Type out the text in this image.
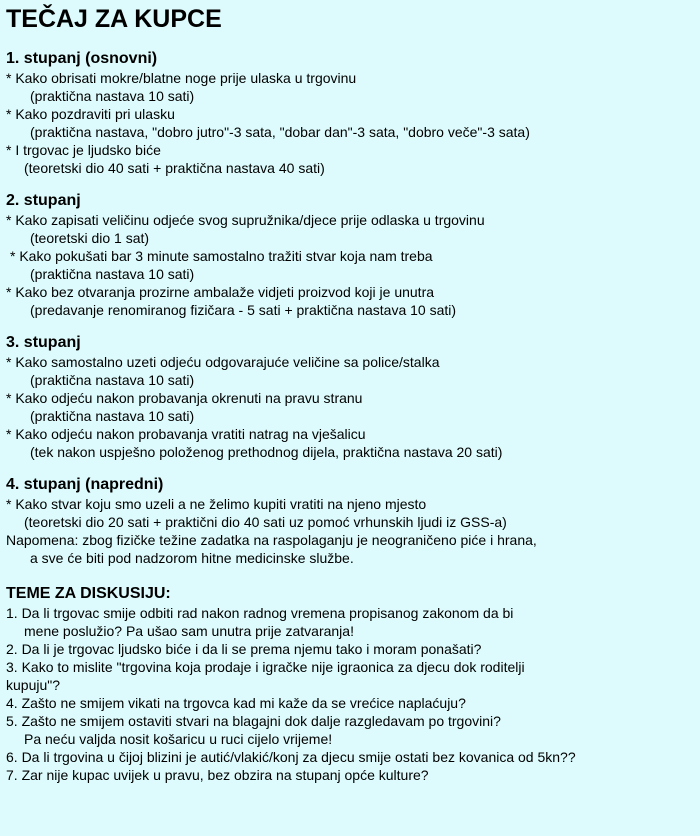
TEČAJ ZA KUPCE
1. stupanj (osnovni)
* Kako obrisati mokre/blatne noge prije ulaska u trgovinu
(praktična nastava 10 sati)
* Kako pozdraviti pri ulasku
(praktična nastava, "dobro jutro"-3 sata, "dobar dan"-3 sata, "dobro veče"-3 sata)
* I trgovac je ljudsko biće
(teoretski dio 40 sati + praktična nastava 40 sati)
2. stupanj
* Kako zapisati veličinu odjeće svog supružnika/djece prije odlaska u trgovinu
(teoretski dio 1 sat)
* Kako pokušati bar 3 minute samostalno tražiti stvar koja nam treba
(praktična nastava 10 sati)
* Kako bez otvaranja prozirne ambalaže vidjeti proizvod koji je unutra
(predavanje renomiranog fizičara - 5 sati + praktična nastava 10 sati)
3. stupanj
* Kako samostalno uzeti odjeću odgovarajuće veličine sa police/stalka
(praktična nastava 10 sati)
* Kako odjeću nakon probavanja okrenuti na pravu stranu
(praktična nastava 10 sati)
* Kako odjeću nakon probavanja vratiti natrag na vješalicu
(tek nakon uspješno položenog prethodnog dijela, praktična nastava 20 sati)
4. stupanj (napredni)
* Kako stvar koju smo uzeli a ne želimo kupiti vratiti na njeno mjesto
(teoretski dio 20 sati + praktični dio 40 sati uz pomoć vrhunskih ljudi iz GSS-a)
Napomena: zbog fizičke težine zadatka na raspolaganju je neograničeno piće i hrana,
a sve će biti pod nadzorom hitne medicinske službe.
TEME ZA DISKUSIJU:
1. Da li trgovac smije odbiti rad nakon radnog vremena propisanog zakonom da bi
mene poslužio? Pa ušao sam unutra prije zatvaranja!
2. Da li je trgovac ljudsko biće i da li se prema njemu tako i moram ponašati?
3. Kako to mislite "trgovina koja prodaje i igračke nije igraonica za djecu dok roditelji
kupuju"?
4. Zašto ne smijem vikati na trgovca kad mi kaže da se vrećice naplaćuju?
5. Zašto ne smijem ostaviti stvari na blagajni dok dalje razgledavam po trgovini?
Pa neću valjda nosit košaricu u ruci cijelo vrijeme!
6. Da li trgovina u čijoj blizini je autić/vlakić/konj za djecu smije ostati bez kovanica od 5kn??
7. Zar nije kupac uvijek u pravu, bez obzira na stupanj opće kulture?
